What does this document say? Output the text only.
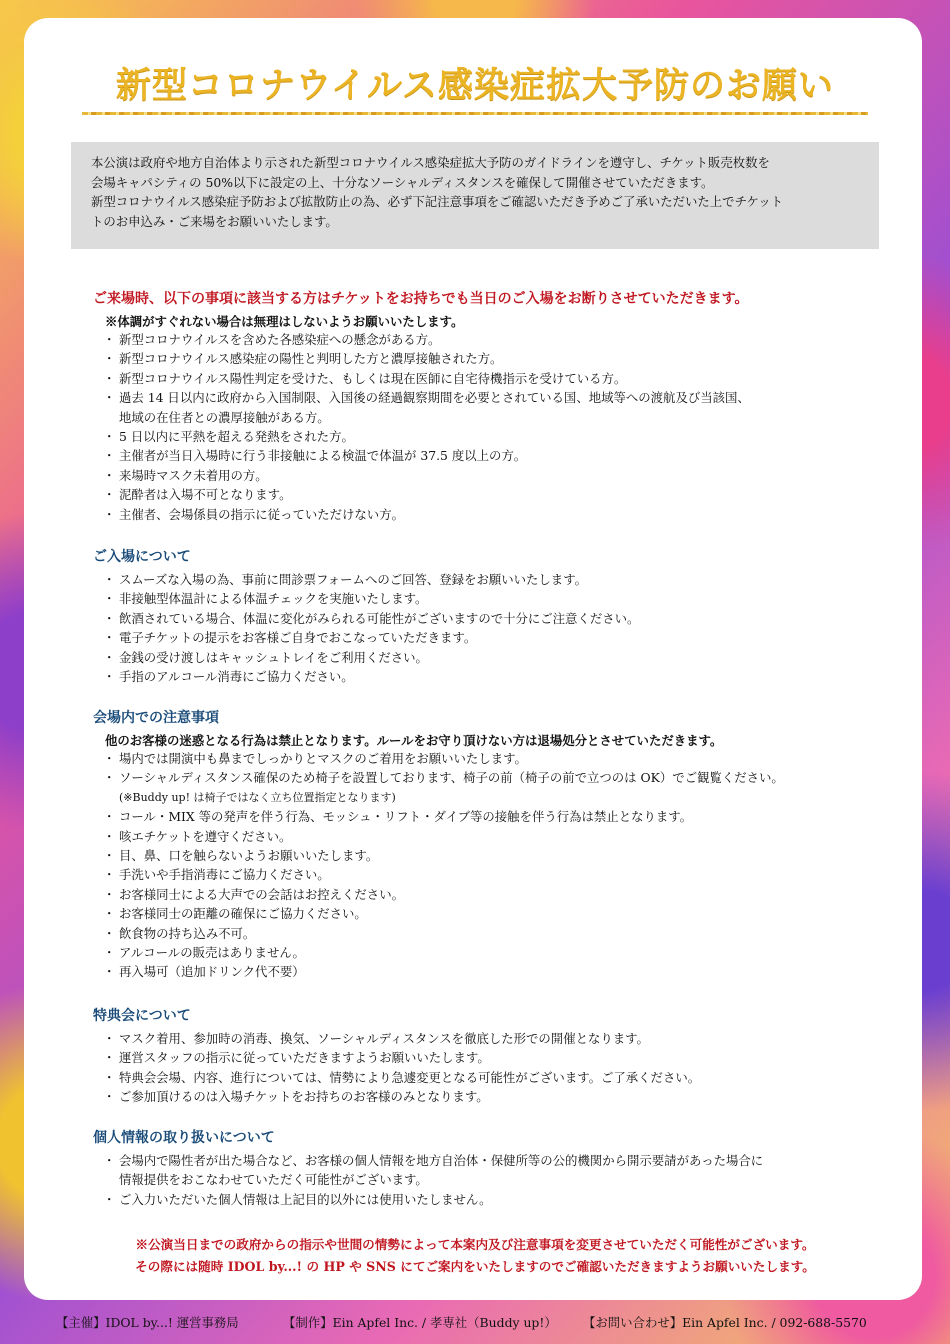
新型コロナウイルス感染症拡大予防のお願い

本公演は政府や地方自治体より示された新型コロナウイルス感染症拡大予防のガイドラインを遵守し、チケット販売枚数を

会場キャパシティの 50%以下に設定の上、十分なソーシャルディスタンスを確保して開催させていただきます。

新型コロナウイルス感染症予防および拡散防止の為、必ず下記注意事項をご確認いただき予めご了承いただいた上でチケット

トのお申込み・ご来場をお願いいたします。

ご来場時、以下の事項に該当する方はチケットをお持ちでも当日のご入場をお断りさせていただきます。
※体調がすぐれない場合は無理はしないようお願いいたします。
・ 新型コロナウイルスを含めた各感染症への懸念がある方。
・ 新型コロナウイルス感染症の陽性と判明した方と濃厚接触された方。
・ 新型コロナウイルス陽性判定を受けた、もしくは現在医師に自宅待機指示を受けている方。
・ 過去 14 日以内に政府から入国制限、入国後の経過観察期間を必要とされている国、地域等への渡航及び当該国、
地域の在住者との濃厚接触がある方。
・ 5 日以内に平熱を超える発熱をされた方。
・ 主催者が当日入場時に行う非接触による検温で体温が 37.5 度以上の方。
・ 来場時マスク未着用の方。
・ 泥酔者は入場不可となります。
・ 主催者、会場係員の指示に従っていただけない方。
ご入場について
・ スムーズな入場の為、事前に問診票フォームへのご回答、登録をお願いいたします。
・ 非接触型体温計による体温チェックを実施いたします。
・ 飲酒されている場合、体温に変化がみられる可能性がございますので十分にご注意ください。
・ 電子チケットの提示をお客様ご自身でおこなっていただきます。
・ 金銭の受け渡しはキャッシュトレイをご利用ください。
・ 手指のアルコール消毒にご協力ください。
会場内での注意事項
他のお客様の迷惑となる行為は禁止となります。ルールをお守り頂けない方は退場処分とさせていただきます。
・ 場内では開演中も鼻までしっかりとマスクのご着用をお願いいたします。
・ ソーシャルディスタンス確保のため椅子を設置しております、椅子の前（椅子の前で立つのは OK）でご観覧ください。
(※Buddy up! は椅子ではなく立ち位置指定となります)
・ コール・MIX 等の発声を伴う行為、モッシュ・リフト・ダイブ等の接触を伴う行為は禁止となります。
・ 咳エチケットを遵守ください。
・ 目、鼻、口を触らないようお願いいたします。
・ 手洗いや手指消毒にご協力ください。
・ お客様同士による大声での会話はお控えください。
・ お客様同士の距離の確保にご協力ください。
・ 飲食物の持ち込み不可。
・ アルコールの販売はありません。
・ 再入場可（追加ドリンク代不要）
特典会について
・ マスク着用、参加時の消毒、換気、ソーシャルディスタンスを徹底した形での開催となります。
・ 運営スタッフの指示に従っていただきますようお願いいたします。
・ 特典会会場、内容、進行については、情勢により急遽変更となる可能性がございます。ご了承ください。
・ ご参加頂けるのは入場チケットをお持ちのお客様のみとなります。
個人情報の取り扱いについて
・ 会場内で陽性者が出た場合など、お客様の個人情報を地方自治体・保健所等の公的機関から開示要請があった場合に
情報提供をおこなわせていただく可能性がございます。
・ ご入力いただいた個人情報は上記目的以外には使用いたしません。
※公演当日までの政府からの指示や世間の情勢によって本案内及び注意事項を変更させていただく可能性がございます。
その際には随時 IDOL by...! の HP や SNS にてご案内をいたしますのでご確認いただきますようお願いいたします。
【主催】IDOL by...! 運営事務局	【制作】Ein Apfel Inc. / 孝専社（Buddy up!） 【お問い合わせ】Ein Apfel Inc. / 092-688-5570
